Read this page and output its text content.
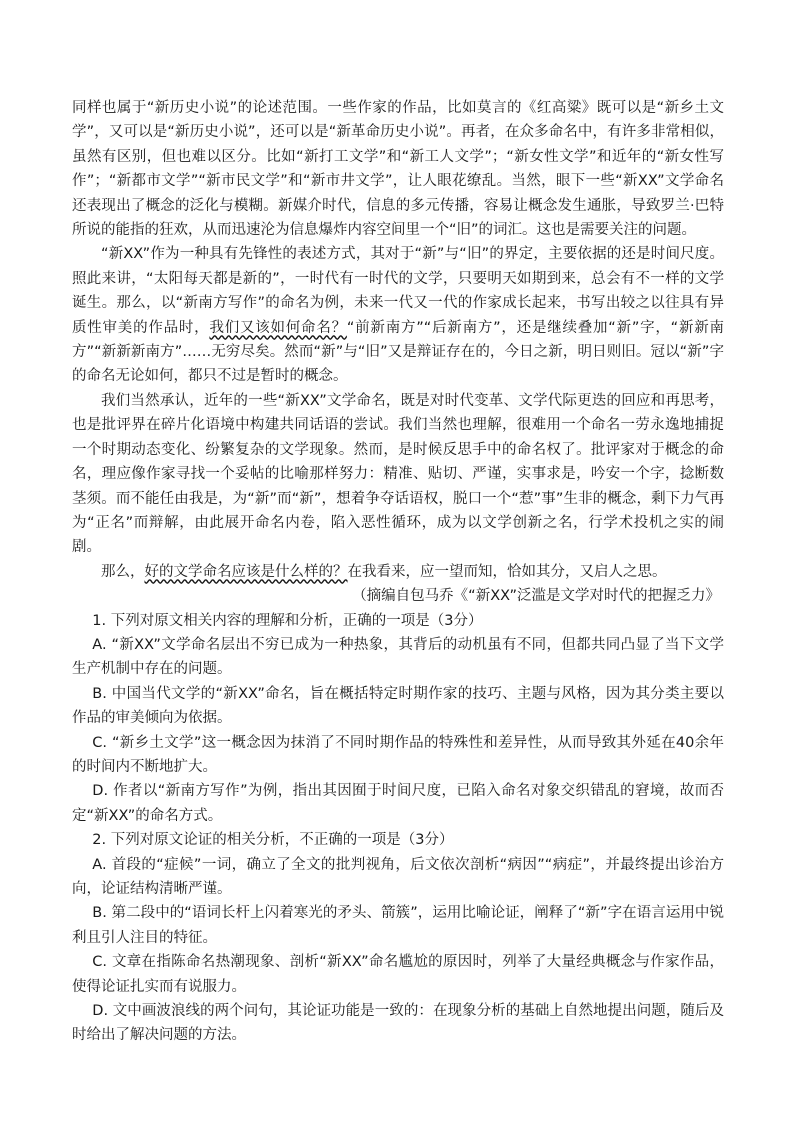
同样也属于“新历史小说”的论述范围。一些作家的作品，比如莫言的《红高粱》既可以是“新乡土文学”，又可以是“新历史小说”，还可以是“新革命历史小说”。再者，在众多命名中，有许多非常相似，虽然有区别，但也难以区分。比如“新打工文学”和“新工人文学”；“新女性文学”和近年的“新女性写作”；“新都市文学”“新市民文学”和“新市井文学”，让人眼花缭乱。当然，眼下一些“新XX”文学命名还表现出了概念的泛化与模糊。新媒介时代，信息的多元传播，容易让概念发生通胀，导致罗兰·巴特所说的能指的狂欢，从而迅速沦为信息爆炸内容空间里一个“旧”的词汇。这也是需要关注的问题。

“新XX”作为一种具有先锋性的表述方式，其对于“新”与“旧”的界定，主要依据的还是时间尺度。照此来讲，“太阳每天都是新的”，一时代有一时代的文学，只要明天如期到来，总会有不一样的文学诞生。那么，以“新南方写作”的命名为例，未来一代又一代的作家成长起来，书写出较之以往具有异质性审美的作品时，我们又该如何命名？“前新南方”“后新南方”，还是继续叠加“新”字，“新新南方”“新新新南方”……无穷尽矣。然而“新”与“旧”又是辩证存在的，今日之新，明日则旧。冠以“新”字的命名无论如何，都只不过是暂时的概念。

我们当然承认，近年的一些“新XX”文学命名，既是对时代变革、文学代际更迭的回应和再思考，也是批评界在碎片化语境中构建共同话语的尝试。我们当然也理解，很难用一个命名一劳永逸地捕捉一个时期动态变化、纷繁复杂的文学现象。然而，是时候反思手中的命名权了。批评家对于概念的命名，理应像作家寻找一个妥帖的比喻那样努力：精准、贴切、严谨，实事求是，吟安一个字，捻断数茎须。而不能任由我是，为“新”而“新”，想着争夺话语权，脱口一个“惹”事”生非的概念，剩下力气再为“正名”而辩解，由此展开命名内卷，陷入恶性循环，成为以文学创新之名，行学术投机之实的闹剧。

那么，好的文学命名应该是什么样的？在我看来，应一望而知，恰如其分，又启人之思。

（摘编自包马乔《“新XX”泛滥是文学对时代的把握乏力》

1. 下列对原文相关内容的理解和分析，正确的一项是（3分）

A. “新XX”文学命名层出不穷已成为一种热象，其背后的动机虽有不同，但都共同凸显了当下文学生产机制中存在的问题。

B. 中国当代文学的“新XX”命名，旨在概括特定时期作家的技巧、主题与风格，因为其分类主要以作品的审美倾向为依据。

C. “新乡土文学”这一概念因为抹消了不同时期作品的特殊性和差异性，从而导致其外延在40余年的时间内不断地扩大。

D. 作者以“新南方写作”为例，指出其因囿于时间尺度，已陷入命名对象交织错乱的窘境，故而否定“新XX”的命名方式。

2. 下列对原文论证的相关分析，不正确的一项是（3分）

A. 首段的“症候”一词，确立了全文的批判视角，后文依次剖析“病因”“病症”，并最终提出诊治方向，论证结构清晰严谨。

B. 第二段中的“语词长杆上闪着寒光的矛头、箭簇”，运用比喻论证，阐释了“新”字在语言运用中锐利且引人注目的特征。

C. 文章在指陈命名热潮现象、剖析“新XX”命名尴尬的原因时，列举了大量经典概念与作家作品，使得论证扎实而有说服力。

D. 文中画波浪线的两个问句，其论证功能是一致的：在现象分析的基础上自然地提出问题，随后及时给出了解决问题的方法。
